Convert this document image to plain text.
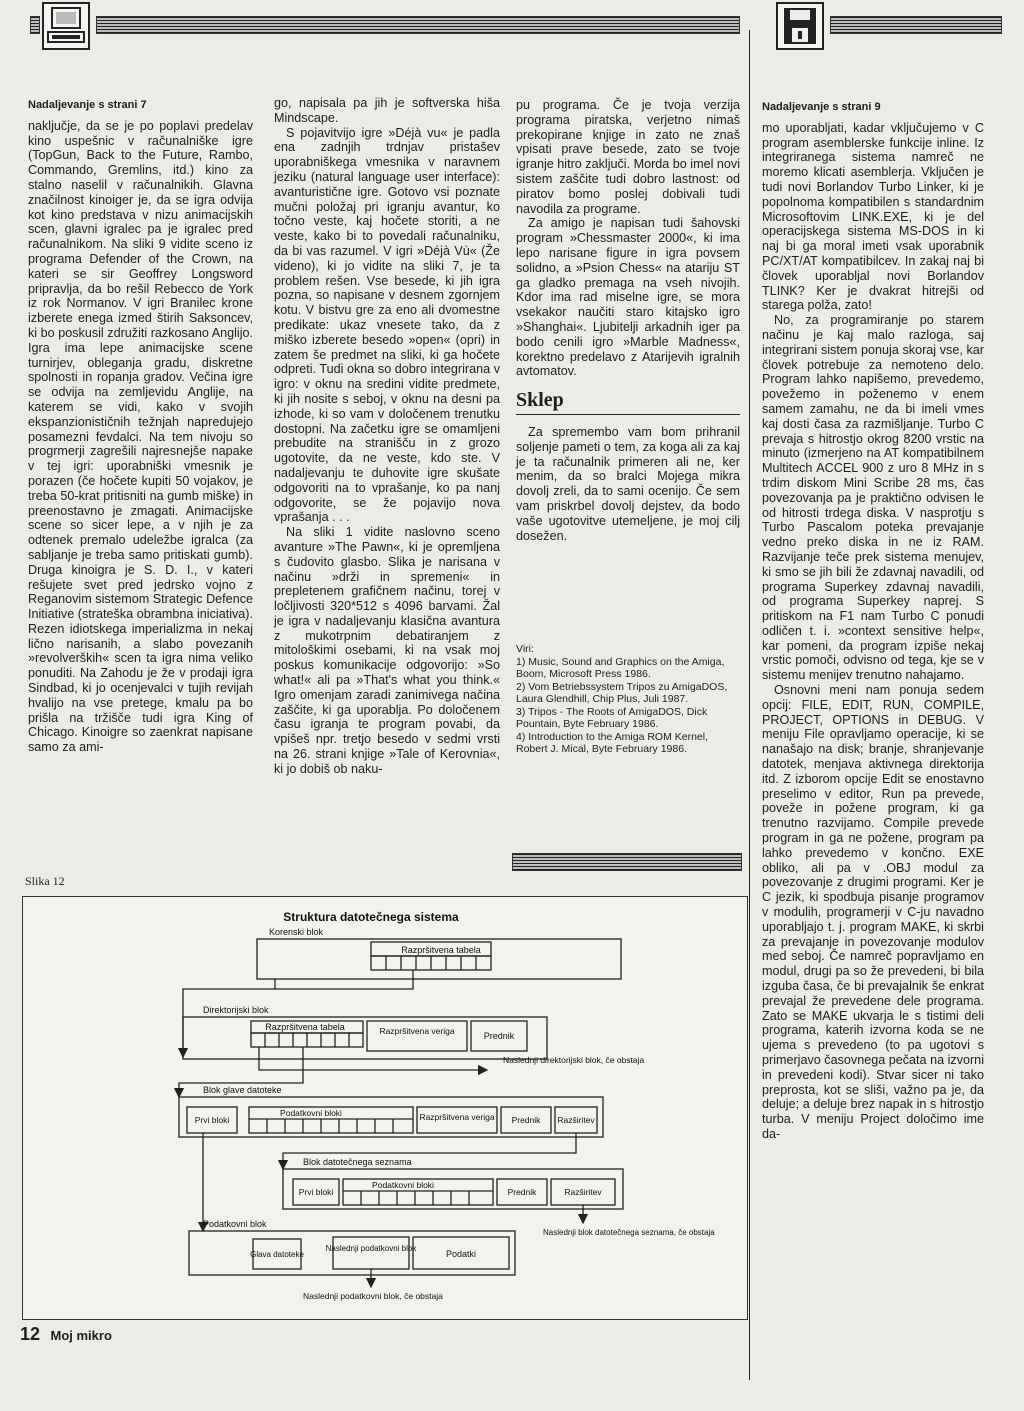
Nadaljevanje s strani 7

naključje, da se je po poplavi predelav kino uspešnic v računalniške igre (TopGun, Back to the Future, Rambo, Commando, Gremlins, itd.) kino za stalno naselil v računalnikih. Glavna značilnost kinoiger je, da se igra odvija kot kino predstava v nizu animacijskih scen, glavni igralec pa je igralec pred računalnikom. Na sliki 9 vidite sceno iz programa Defender of the Crown, na kateri se sir Geoffrey Longsword pripravlja, da bo rešil Rebecco de York iz rok Normanov. V igri Branilec krone izberete enega izmed štirih Saksoncev, ki bo poskusil združiti razkosano Anglijo. Igra ima lepe animacijske scene turnirjev, obleganja gradu, diskretne spolnosti in ropanja gradov. Večina igre se odvija na zemljevidu Anglije, na katerem se vidi, kako v svojih ekspanzionističnih težnjah napredujejo posamezni fevdalci. Na tem nivoju so progrmerji zagrešili najresnejše napake v tej igri: uporabniški vmesnik je porazen (če hočete kupiti 50 vojakov, je treba 50-krat pritisniti na gumb miške) in preenostavno je zmagati. Animacijske scene so sicer lepe, a v njih je za odtenek premalo udeležbe igralca (za sabljanje je treba samo pritiskati gumb). Druga kinoigra je S. D. I., v kateri rešujete svet pred jedrsko vojno z Reganovim sistemom Strategic Defence Initiative (strateška obrambna iniciativa). Rezen idiotskega imperializma in nekaj lično narisanih, a slabo povezanih »revolverških« scen ta igra nima veliko ponuditi. Na Zahodu je že v prodaji igra Sindbad, ki jo ocenjevalci v tujih revijah hvalijo na vse pretege, kmalu pa bo prišla na tržišče tudi igra King of Chicago. Kinoigre so zaenkrat napisane samo za ami-

Slika 12

go, napisala pa jih je softverska hiša Mindscape.

S pojavitvijo igre »Déjà vu« je padla ena zadnjih trdnjav pristašev uporabniškega vmesnika v naravnem jeziku (natural language user interface): avanturistične igre. Gotovo vsi poznate mučni položaj pri igranju avantur, ko točno veste, kaj hočete storiti, a ne veste, kako bi to povedali računalniku, da bi vas razumel. V igri »Déjà Vù« (Že videno), ki jo vidite na sliki 7, je ta problem rešen. Vse besede, ki jih igra pozna, so napisane v desnem zgornjem kotu. V bistvu gre za eno ali dvomestne predikate: ukaz vnesete tako, da z miško izberete besedo »open« (opri) in zatem še predmet na sliki, ki ga hočete odpreti. Tudi okna so dobro integrirana v igro: v oknu na sredini vidite predmete, ki jih nosite s seboj, v oknu na desni pa izhode, ki so vam v določenem trenutku dostopni. Na začetku igre se omamljeni prebudite na stranišču in z grozo ugotovite, da ne veste, kdo ste. V nadaljevanju te duhovite igre skušate odgovoriti na to vprašanje, ko pa nanj odgovorite, se že pojavijo nova vprašanja . . .

Na sliki 1 vidite naslovno sceno avanture »The Pawn«, ki je opremljena s čudovito glasbo. Slika je narisana v načinu »drži in spremeni« in prepletenem grafičnem načinu, torej v ločljivosti 320*512 s 4096 barvami. Žal je igra v nadaljevanju klasična avantura z mukotrpnim debatiranjem z mitološkimi osebami, ki na vsak moj poskus komunikacije odgovorijo: »So what!« ali pa »That's what you think.« Igro omenjam zaradi zanimivega načina zaščite, ki ga uporablja. Po določenem času igranja te program povabi, da vpišeš npr. tretjo besedo v sedmi vrsti na 26. strani knjige »Tale of Kerovnia«, ki jo dobiš ob naku-

pu programa. Če je tvoja verzija programa piratska, verjetno nimaš prekopirane knjige in zato ne znaš vpisati prave besede, zato se tvoje igranje hitro zaključi. Morda bo imel novi sistem zaščite tudi dobro lastnost: od piratov bomo poslej dobivali tudi navodila za programe.

Za amigo je napisan tudi šahovski program »Chessmaster 2000«, ki ima lepo narisane figure in igra povsem solidno, a »Psion Chess« na atariju ST ga gladko premaga na vseh nivojih. Kdor ima rad miselne igre, se mora vsekakor naučiti staro kitajsko igro »Shanghai«. Ljubitelji arkadnih iger pa bodo cenili igro »Marble Madness«, korektno predelavo z Atarijevih igralnih avtomatov.

Sklep

Za spremembo vam bom prihranil soljenje pameti o tem, za koga ali za kaj je ta računalnik primeren ali ne, ker menim, da so bralci Mojega mikra dovolj zreli, da to sami ocenijo. Če sem vam priskrbel dovolj dejstev, da bodo vaše ugotovitve utemeljene, je moj cilj dosežen.

Viri:
1) Music, Sound and Graphics on the Amiga, Boom, Microsoft Press 1986.
2) Vom Betriebssystem Tripos zu AmigaDOS, Laura Glendhill, Chip Plus, Juli 1987.
3) Tripos - The Roots of AmigaDOS, Dick Pountain, Byte February 1986.
4) Introduction to the Amiga ROM Kernel, Robert J. Mical, Byte February 1986.
Nadaljevanje s strani 9

mo uporabljati, kadar vključujemo v C program asemblerske funkcije inline. Iz integriranega sistema namreč ne moremo klicati asemblerja. Vključen je tudi novi Borlandov Turbo Linker, ki je popolnoma kompatibilen s standardnim Microsoftovim LINK.EXE, ki je del operacijskega sistema MS-DOS in ki naj bi ga moral imeti vsak uporabnik PC/XT/AT kompatibilcev. In zakaj naj bi človek uporabljal novi Borlandov TLINK? Ker je dvakrat hitrejši od starega polža, zato!

No, za programiranje po starem načinu je kaj malo razloga, saj integrirani sistem ponuja skoraj vse, kar človek potrebuje za nemoteno delo. Program lahko napišemo, prevedemo, povežemo in poženemo v enem samem zamahu, ne da bi imeli vmes kaj dosti časa za razmišljanje. Turbo C prevaja s hitrostjo okrog 8200 vrstic na minuto (izmerjeno na AT kompatibilnem Multitech ACCEL 900 z uro 8 MHz in s trdim diskom Mini Scribe 28 ms, čas povezovanja pa je praktično odvisen le od hitrosti trdega diska. V nasprotju s Turbo Pascalom poteka prevajanje vedno preko diska in ne iz RAM. Razvijanje teče prek sistema menujev, ki smo se jih bili že zdavnaj navadili, od programa Superkey zdavnaj navadili, od programa Superkey naprej. S pritiskom na F1 nam Turbo C ponudi odličen t. i. »context sensitive help«, kar pomeni, da program izpiše nekaj vrstic pomoči, odvisno od tega, kje se v sistemu menijev trenutno nahajamo.

Osnovni meni nam ponuja sedem opcij: FILE, EDIT, RUN, COMPILE, PROJECT, OPTIONS in DEBUG. V meniju File opravljamo operacije, ki se nanašajo na disk; branje, shranjevanje datotek, menjava aktivnega direktorija itd. Z izborom opcije Edit se enostavno preselimo v editor, Run pa prevede, poveže in požene program, ki ga trenutno razvijamo. Compile prevede program in ga ne požene, program pa lahko prevedemo v končno. EXE obliko, ali pa v .OBJ modul za povezovanje z drugimi programi. Ker je C jezik, ki spodbuja pisanje programov v modulih, programerji v C-ju navadno uporabljajo t. j. program MAKE, ki skrbi za prevajanje in povezovanje modulov med seboj. Če namreč popravljamo en modul, drugi pa so že prevedeni, bi bila izguba časa, če bi prevajalnik še enkrat prevajal že prevedene dele programa. Zato se MAKE ukvarja le s tistimi deli programa, katerih izvorna koda se ne ujema s prevedeno (to pa ugotovi s primerjavo časovnega pečata na izvorni in prevedeni kodi). Stvar sicer ni tako preprosta, kot se sliši, važno pa je, da deluje; a deluje brez napak in s hitrostjo turba. V meniju Project določimo ime da-

Struktura datotečnega sistema
Korenski blok
Razpršitvena tabela
Direktorijski blok
Razpršitvena tabela	Razpršitvena veriga	Prednik
Naslednji direktorijski blok, če obstaja
Blok glave datoteke
Prvi bloki
Podatkovni bloki	Razpršitvena veriga Prednik Razširitev
Blok datotečnega seznama
Prvi bloki
Podatkovni bloki
Prednik	Razširitev
Naslednji blok datotečnega seznama, če obstaja
Podatkovni blok
Glava datoteke
Naslednji podatkovni blok
Podatki
Naslednji podatkovni blok, če obstaja
12 Moj mikro
